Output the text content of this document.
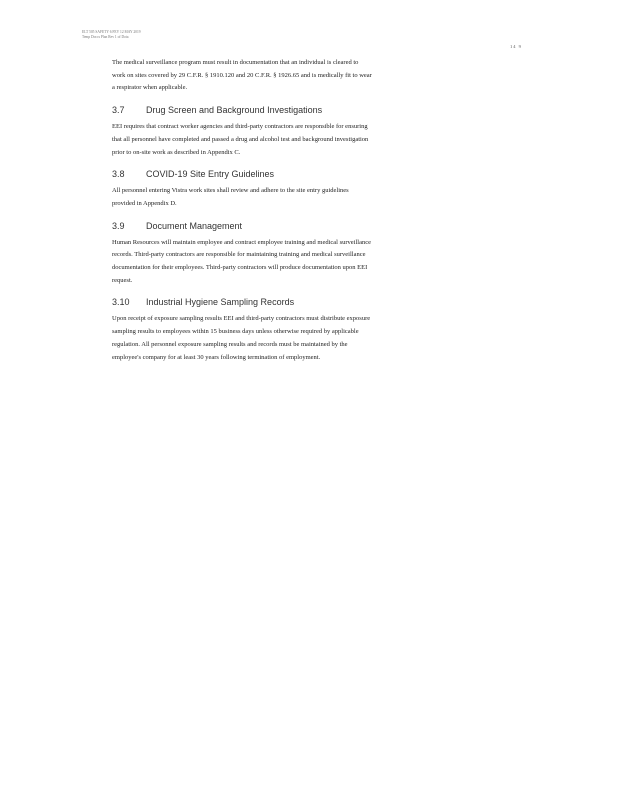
ELT 505 SAFETY 6 FEV 12 MAY 2019
Temp Doccs Plan Rev 1 of Dota
14 9

The medical surveillance program must result in documentation that an individual is cleared to work on sites covered by 29 C.F.R. § 1910.120 and 20 C.F.R. § 1926.65 and is medically fit to wear a respirator when applicable.

3.7	Drug Screen and Background Investigations

EEI requires that contract worker agencies and third-party contractors are responsible for ensuring that all personnel have completed and passed a drug and alcohol test and background investigation prior to on-site work as described in Appendix C.

3.8	COVID-19 Site Entry Guidelines

All personnel entering Vistra work sites shall review and adhere to the site entry guidelines provided in Appendix D.

3.9	Document Management

Human Resources will maintain employee and contract employee training and medical surveillance records. Third-party contractors are responsible for maintaining training and medical surveillance documentation for their employees. Third-party contractors will produce documentation upon EEI request.

3.10	Industrial Hygiene Sampling Records

Upon receipt of exposure sampling results EEI and third-party contractors must distribute exposure sampling results to employees within 15 business days unless otherwise required by applicable regulation. All personnel exposure sampling results and records must be maintained by the employee's company for at least 30 years following termination of employment.
